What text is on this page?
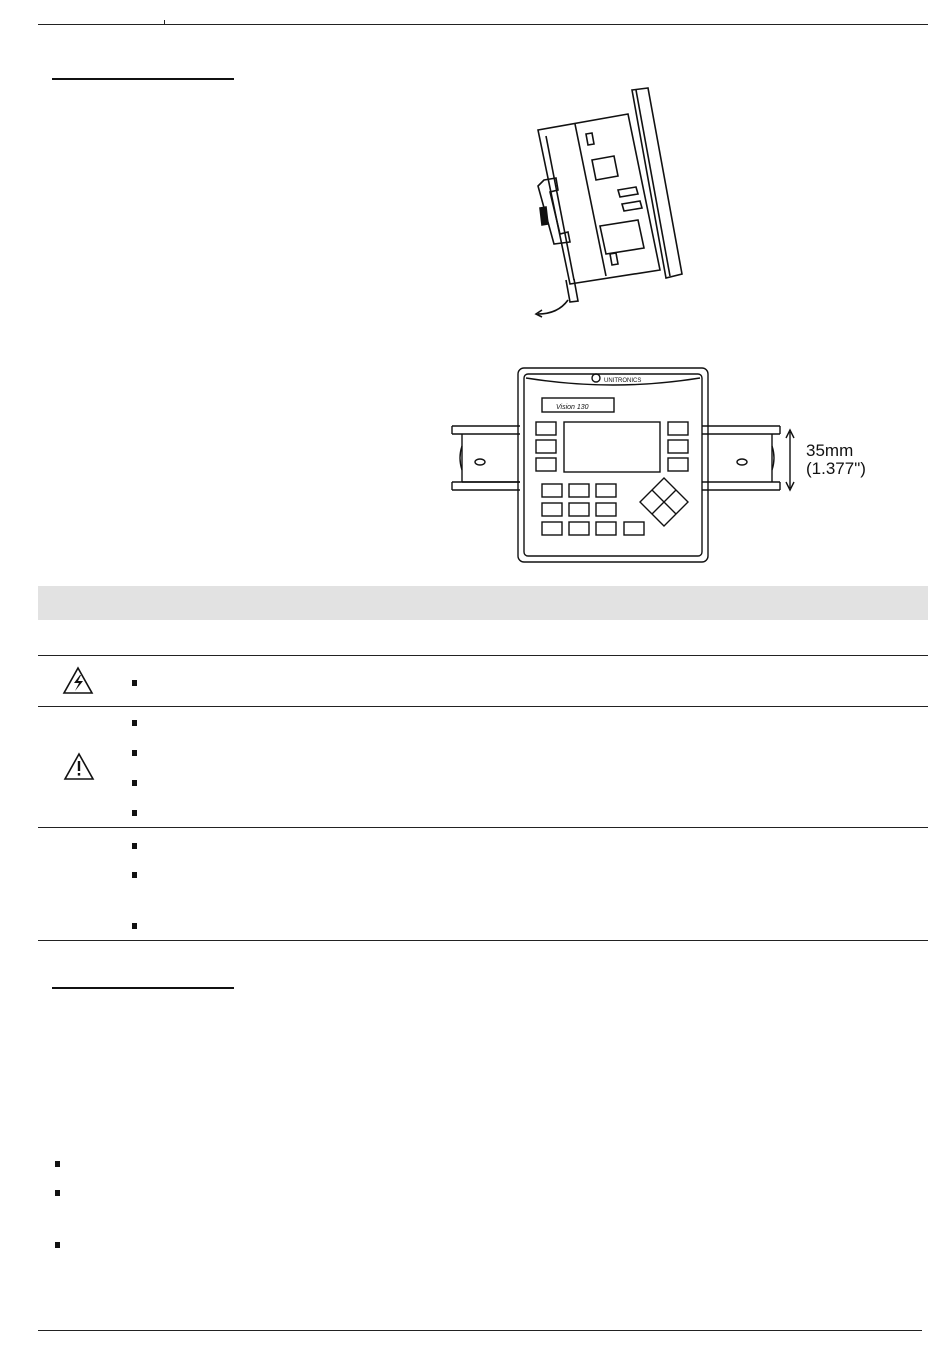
UNITRONICS
Vision 130
35mm
(1.377")
